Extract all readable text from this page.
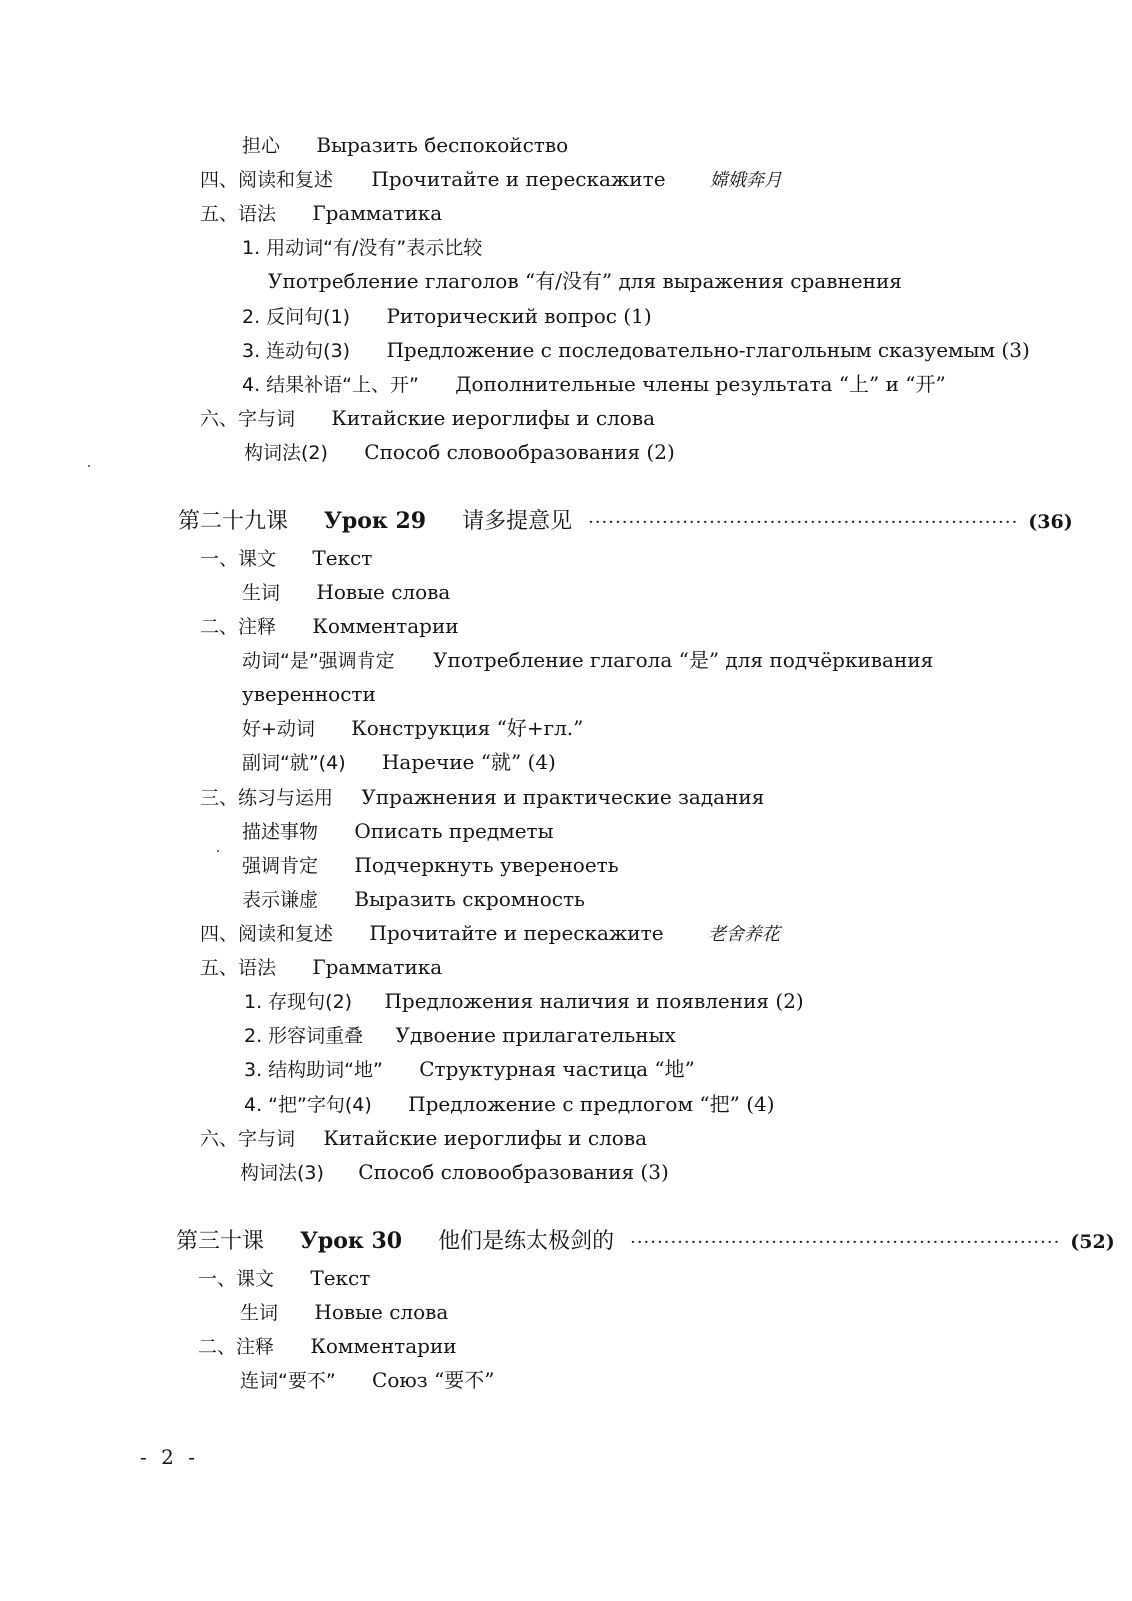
担心 Выразить беспокойство
四、阅读和复述 Прочитайте и перескажите 嫦娥奔月
五、语法 Грамматика
1. 用动词“有/没有”表示比较
Употребление глаголов “有/没有” для выражения сравнения
2. 反问句(1) Риторический вопрос (1)
3. 连动句(3) Предложение с последовательно-глагольным сказуемым (3)
4. 结果补语“上、开” Дополнительные члены результата “上” и “开”
六、字与词 Китайские иероглифы и слова
构词法(2) Способ словообразования (2)
第二十九课 Урок 29 请多提意见 ································································ (36)
一、课文 Текст
生词 Новые слова
二、注释 Комментарии
动词“是”强调肯定 Употребление глагола “是” для подчёркивания
уверенности
好+动词 Конструкция “好+гл.”
副词“就”(4) Наречие “就” (4)
三、练习与运用 Упражнения и практические задания
描述事物 Описать предметы
强调肯定 Подчеркнуть увереноеть
表示谦虚 Выразить скромность
四、阅读和复述 Прочитайте и перескажите 老舍养花
五、语法 Грамматика
1. 存现句(2) Предложения наличия и появления (2)
2. 形容词重叠 Удвоение прилагательных
3. 结构助词“地” Структурная частица “地”
4. “把”字句(4) Предложение с предлогом “把” (4)
六、字与词 Китайские иероглифы и слова
构词法(3) Способ словообразования (3)
第三十课 Урок 30 他们是练太极剑的 ································································ (52)
一、课文 Текст
生词 Новые слова
二、注释 Комментарии
连词“要不” Союз “要不”
- 2 -
